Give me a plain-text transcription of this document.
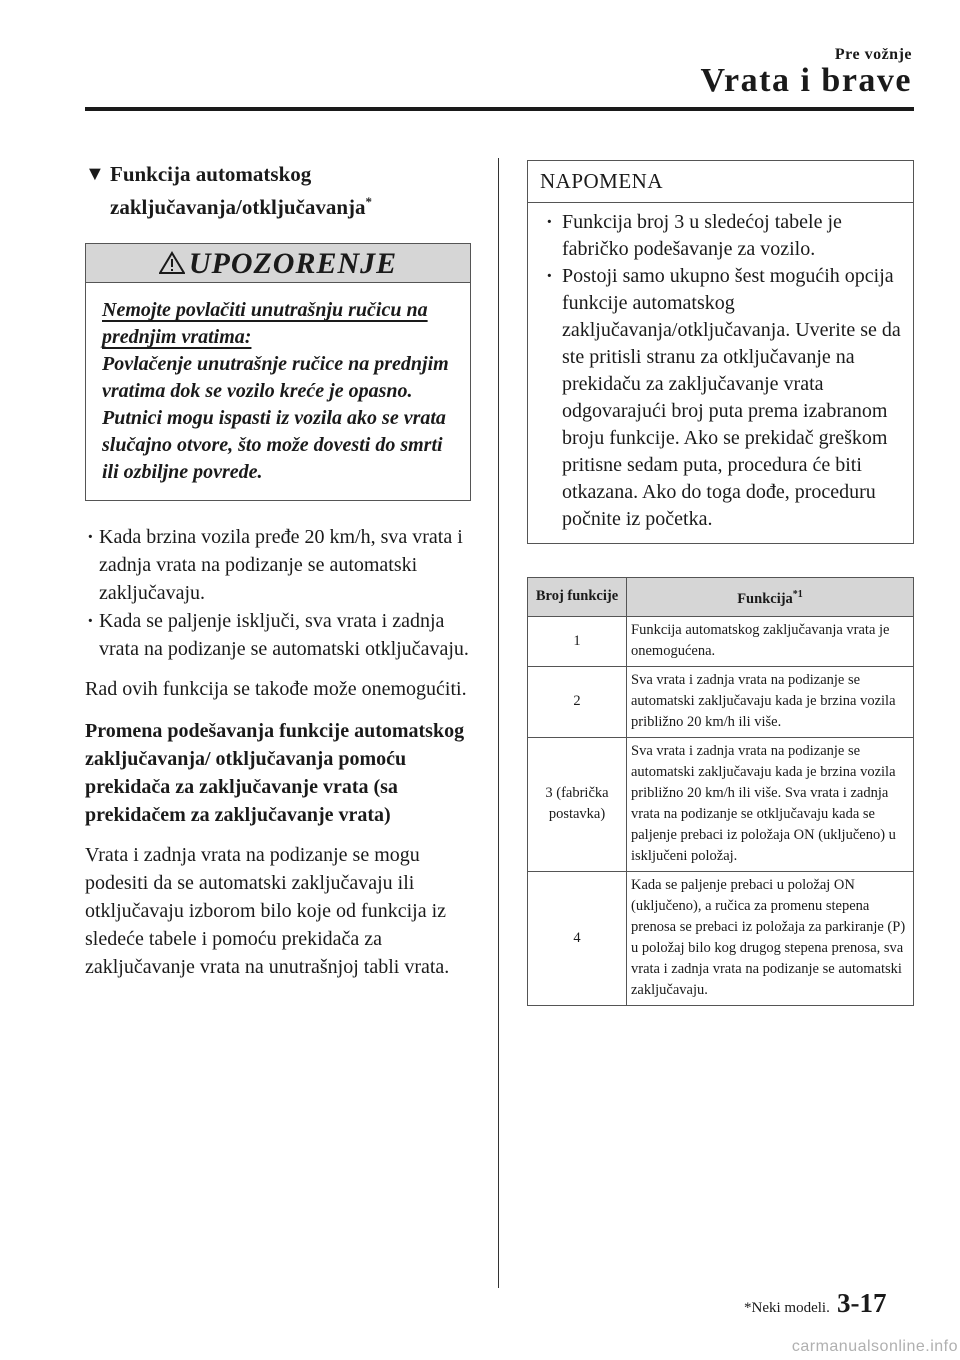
Pre vožnje
Vrata i brave
▼ Funkcija automatskog
zaključavanja/otključavanja*
UPOZORENJE
Nemojte povlačiti unutrašnju ručicu na prednjim vratima:
Povlačenje unutrašnje ručice na prednjim vratima dok se vozilo kreće je opasno. Putnici mogu ispasti iz vozila ako se vrata slučajno otvore, što može dovesti do smrti ili ozbiljne povrede.
· Kada brzina vozila pređe 20 km/h, sva vrata i zadnja vrata na podizanje se automatski zaključavaju.
· Kada se paljenje isključi, sva vrata i zadnja vrata na podizanje se automatski otključavaju.
Rad ovih funkcija se takođe može onemogućiti.
Promena podešavanja funkcije automatskog zaključavanja/ otključavanja pomoću prekidača za zaključavanje vrata (sa prekidačem za zaključavanje vrata)
Vrata i zadnja vrata na podizanje se mogu podesiti da se automatski zaključavaju ili otključavaju izborom bilo koje od funkcija iz sledeće tabele i pomoću prekidača za zaključavanje vrata na unutrašnjoj tabli vrata.
NAPOMENA
· Funkcija broj 3 u sledećoj tabele je fabričko podešavanje za vozilo.
· Postoji samo ukupno šest mogućih opcija funkcije automatskog zaključavanja/otključavanja. Uverite se da ste pritisli stranu za otključavanje na prekidaču za zaključavanje vrata odgovarajući broj puta prema izabranom broju funkcije. Ako se prekidač greškom pritisne sedam puta, procedura će biti otkazana. Ako do toga dođe, proceduru počnite iz početka.
Broj funkcije	Funkcija$^{*1}$
1	Funkcija automatskog zaključavanja vrata je onemogućena.
2	Sva vrata i zadnja vrata na podizanje se automatski zaključavaju kada je brzina vozila približno 20 km/h ili više.
3 (fabrička postavka)	Sva vrata i zadnja vrata na podizanje se automatski zaključavaju kada je brzina vozila približno 20 km/h ili više. Sva vrata i zadnja vrata na podizanje se otključavaju kada se paljenje prebaci iz položaja ON (uključeno) u isključeni položaj.
4	Kada se paljenje prebaci u položaj ON (uključeno), a ručica za promenu stepena prenosa se prebaci iz položaja za parkiranje (P) u položaj bilo kog drugog stepena prenosa, sva vrata i zadnja vrata na podizanje se automatski zaključavaju.
*Neki modeli. 3-17
carmanualsonline.info
